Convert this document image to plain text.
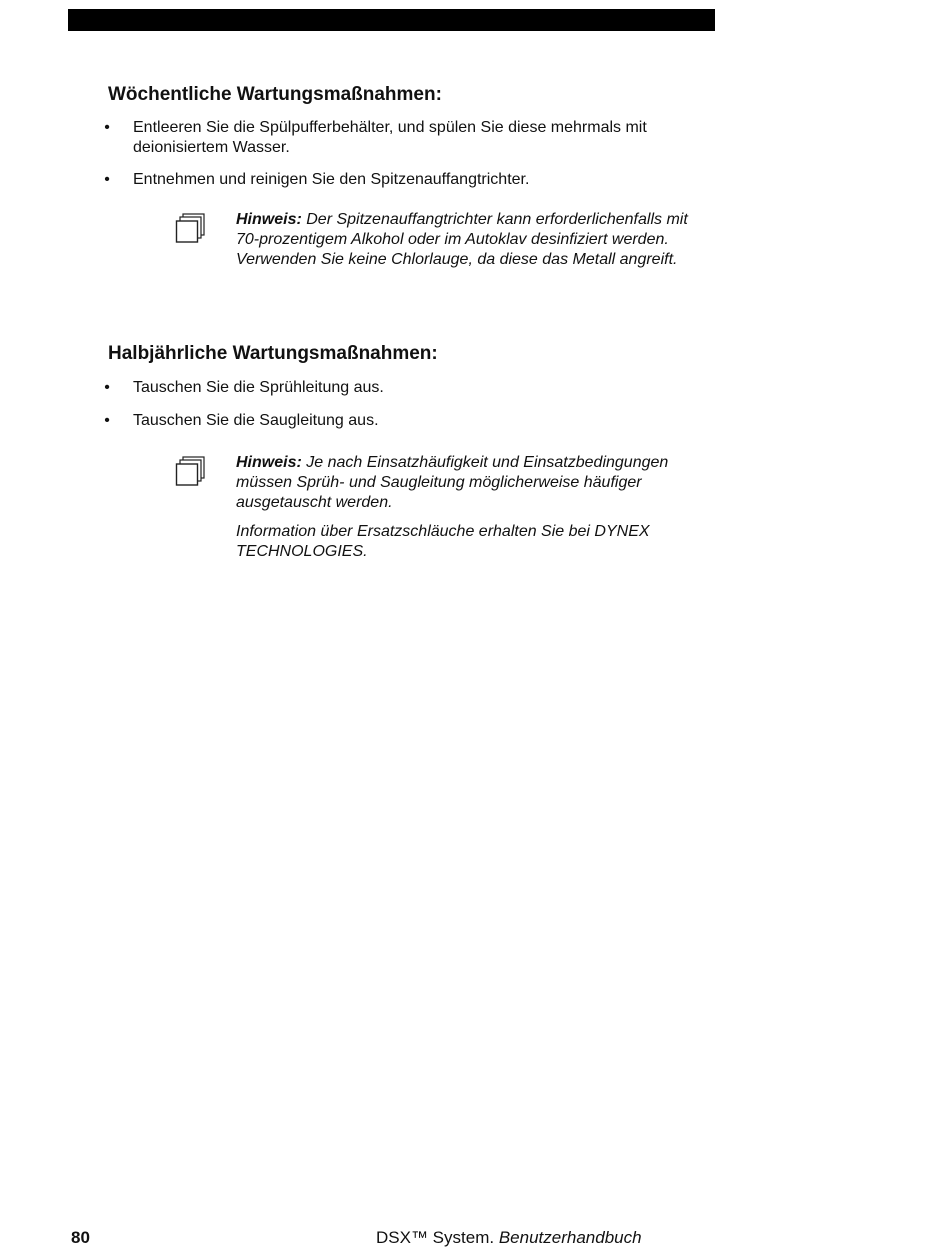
Wöchentliche Wartungsmaßnahmen:
• Entleeren Sie die Spülpufferbehälter, und spülen Sie diese mehrmals mit deionisiertem Wasser.
• Entnehmen und reinigen Sie den Spitzenauffangtrichter.
Hinweis: Der Spitzenauffangtrichter kann erforderlichenfalls mit 70-prozentigem Alkohol oder im Autoklav desinfiziert werden. Verwenden Sie keine Chlorlauge, da diese das Metall angreift.
Halbjährliche Wartungsmaßnahmen:
• Tauschen Sie die Sprühleitung aus.
• Tauschen Sie die Saugleitung aus.
Hinweis: Je nach Einsatzhäufigkeit und Einsatzbedingungen müssen Sprüh- und Saugleitung möglicherweise häufiger ausgetauscht werden.
Information über Ersatzschläuche erhalten Sie bei DYNEX TECHNOLOGIES.
80	DSX™ System. Benutzerhandbuch
